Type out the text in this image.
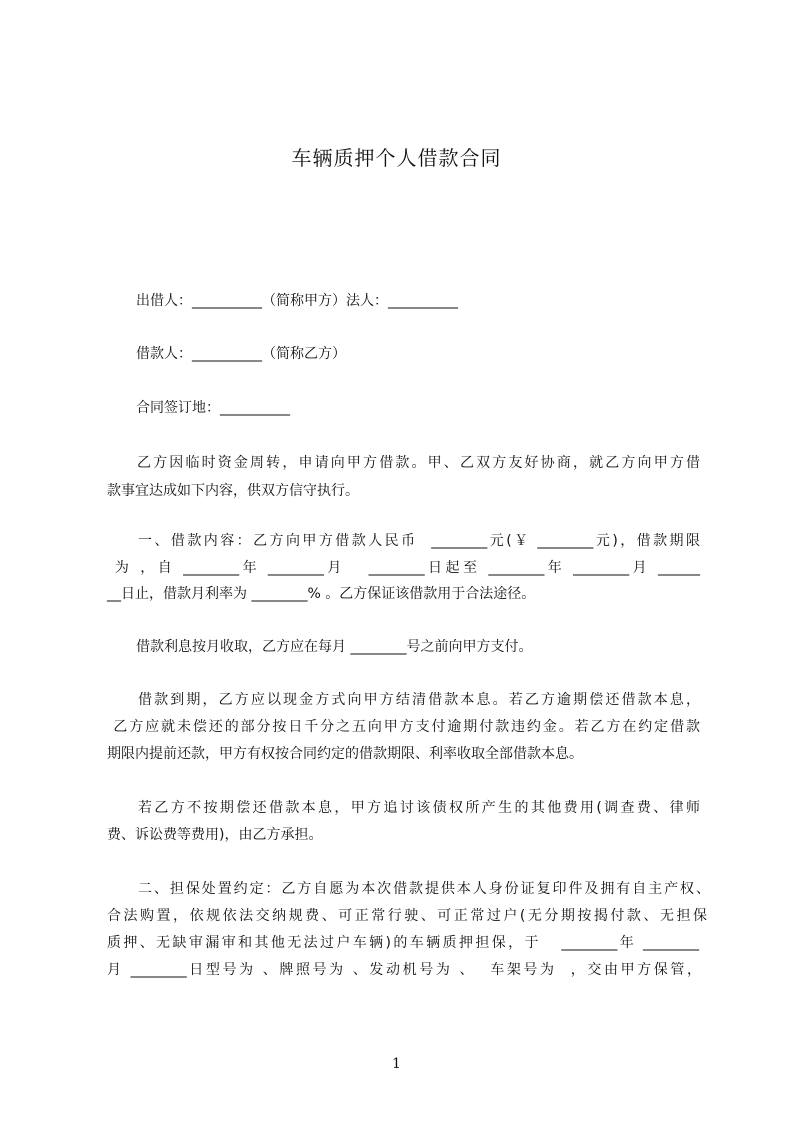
车辆质押个人借款合同
出借人：__________（简称甲方）法人：__________
借款人：__________（简称乙方）
合同签订地：__________
乙方因临时资金周转，申请向甲方借款。甲、乙双方友好协商，就乙方向甲方借
款事宜达成如下内容，供双方信守执行。
一、借款内容：乙方向甲方借款人民币  ________元(￥ ________元)，借款期限
为 ，自 ________年 ________月   ________日起至 ________年 ________月 ______
__日止，借款月利率为 ________% 。乙方保证该借款用于合法途径。
借款利息按月收取，乙方应在每月 ________号之前向甲方支付。
借款到期，乙方应以现金方式向甲方结清借款本息。若乙方逾期偿还借款本息，
乙方应就未偿还的部分按日千分之五向甲方支付逾期付款违约金。若乙方在约定借款
期限内提前还款，甲方有权按合同约定的借款期限、利率收取全部借款本息。
若乙方不按期偿还借款本息，甲方追讨该债权所产生的其他费用(调查费、律师
费、诉讼费等费用)，由乙方承担。
二、担保处置约定：乙方自愿为本次借款提供本人身份证复印件及拥有自主产权、
合法购置，依规依法交纳规费、可正常行驶、可正常过户(无分期按揭付款、无担保
质押、无缺审漏审和其他无法过户车辆)的车辆质押担保，于   ________年 ________
月 ________日型号为 、牌照号为 、发动机号为 、  车架号为  ，交由甲方保管，
1
